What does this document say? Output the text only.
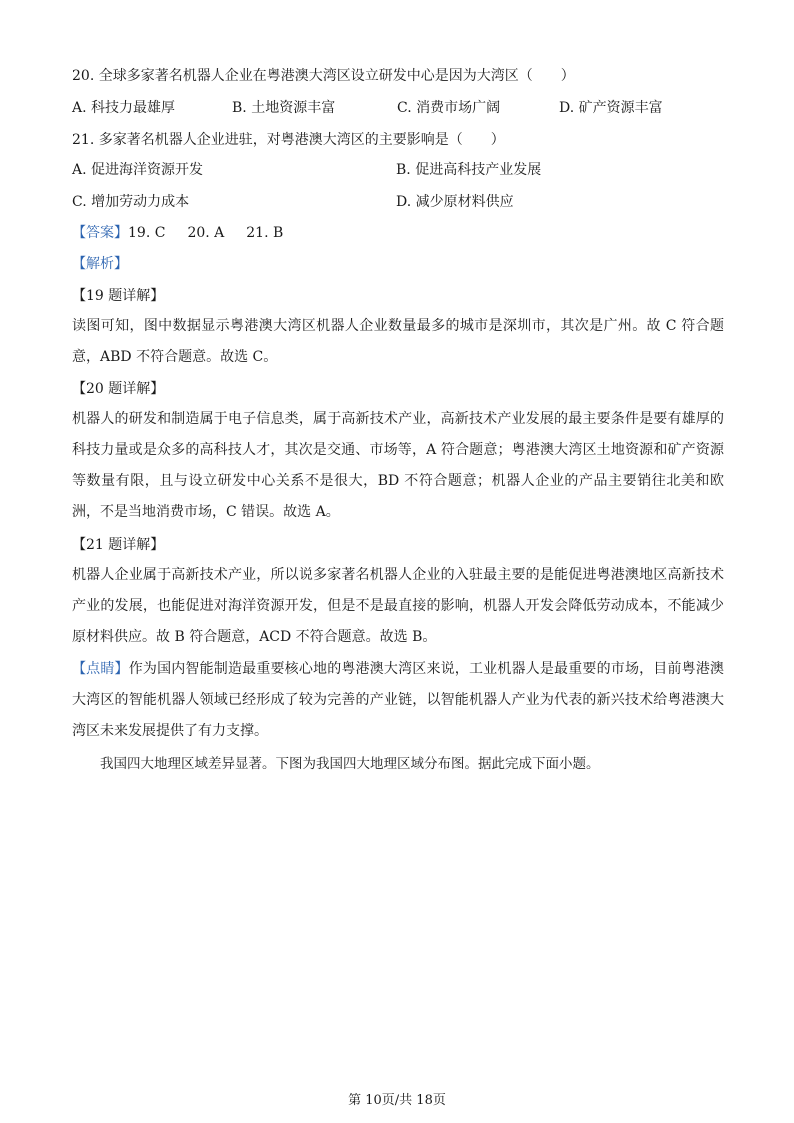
20. 全球多家著名机器人企业在粤港澳大湾区设立研发中心是因为大湾区（　　）
A. 科技力最雄厚	B. 土地资源丰富	C. 消费市场广阔	D. 矿产资源丰富
21. 多家著名机器人企业进驻，对粤港澳大湾区的主要影响是（　　）
A. 促进海洋资源开发	B. 促进高科技产业发展
C. 增加劳动力成本	D. 减少原材料供应
【答案】19. C 20. A 21. B
【解析】
【19 题详解】
读图可知，图中数据显示粤港澳大湾区机器人企业数量最多的城市是深圳市，其次是广州。故 C 符合题意，ABD 不符合题意。故选 C。
【20 题详解】
机器人的研发和制造属于电子信息类，属于高新技术产业，高新技术产业发展的最主要条件是要有雄厚的科技力量或是众多的高科技人才，其次是交通、市场等，A 符合题意；粤港澳大湾区土地资源和矿产资源等数量有限，且与设立研发中心关系不是很大，BD 不符合题意；机器人企业的产品主要销往北美和欧洲，不是当地消费市场，C 错误。故选 A。
【21 题详解】
机器人企业属于高新技术产业，所以说多家著名机器人企业的入驻最主要的是能促进粤港澳地区高新技术产业的发展，也能促进对海洋资源开发，但是不是最直接的影响，机器人开发会降低劳动成本，不能减少原材料供应。故 B 符合题意，ACD 不符合题意。故选 B。
【点睛】作为国内智能制造最重要核心地的粤港澳大湾区来说，工业机器人是最重要的市场，目前粤港澳大湾区的智能机器人领域已经形成了较为完善的产业链，以智能机器人产业为代表的新兴技术给粤港澳大湾区未来发展提供了有力支撑。
我国四大地理区域差异显著。下图为我国四大地理区域分布图。据此完成下面小题。
第 10页/共 18页
